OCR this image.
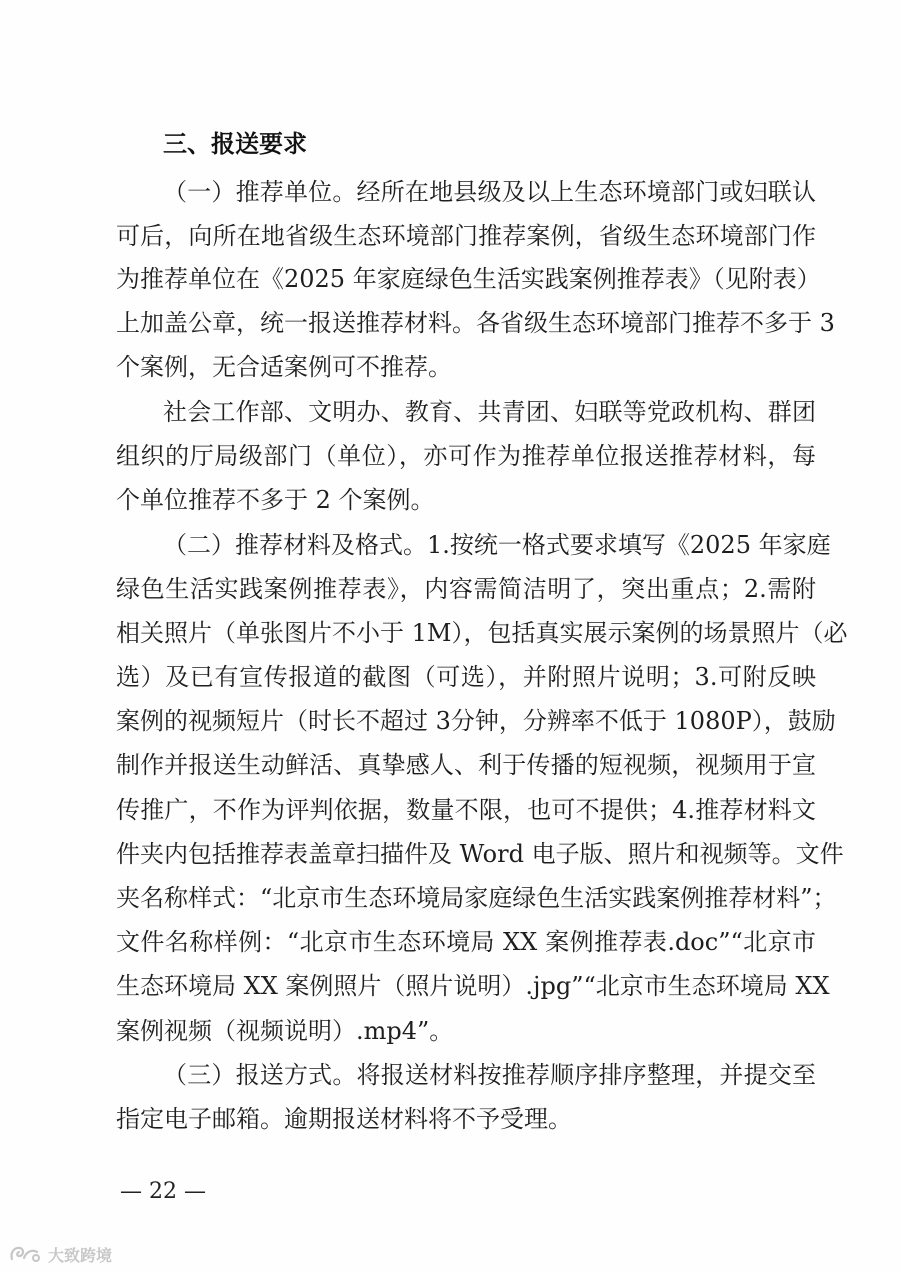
三、报送要求
（一）推荐单位。经所在地县级及以上生态环境部门或妇联认
可后，向所在地省级生态环境部门推荐案例，省级生态环境部门作
为推荐单位在《2025 年家庭绿色生活实践案例推荐表》（见附表）
上加盖公章，统一报送推荐材料。各省级生态环境部门推荐不多于 3
个案例，无合适案例可不推荐。
社会工作部、文明办、教育、共青团、妇联等党政机构、群团
组织的厅局级部门（单位），亦可作为推荐单位报送推荐材料，每
个单位推荐不多于 2 个案例。
（二）推荐材料及格式。1.按统一格式要求填写《2025 年家庭
绿色生活实践案例推荐表》，内容需简洁明了，突出重点；2.需附
相关照片（单张图片不小于 1M），包括真实展示案例的场景照片（必
选）及已有宣传报道的截图（可选），并附照片说明；3.可附反映
案例的视频短片（时长不超过 3分钟，分辨率不低于 1080P），鼓励
制作并报送生动鲜活、真挚感人、利于传播的短视频，视频用于宣
传推广，不作为评判依据，数量不限，也可不提供；4.推荐材料文
件夹内包括推荐表盖章扫描件及 Word 电子版、照片和视频等。文件
夹名称样式：“北京市生态环境局家庭绿色生活实践案例推荐材料”；
文件名称样例：“北京市生态环境局 XX 案例推荐表.doc”“北京市
生态环境局 XX 案例照片（照片说明）.jpg”“北京市生态环境局 XX
案例视频（视频说明）.mp4”。
（三）报送方式。将报送材料按推荐顺序排序整理，并提交至
指定电子邮箱。逾期报送材料将不予受理。
— 22 —
大致跨境
